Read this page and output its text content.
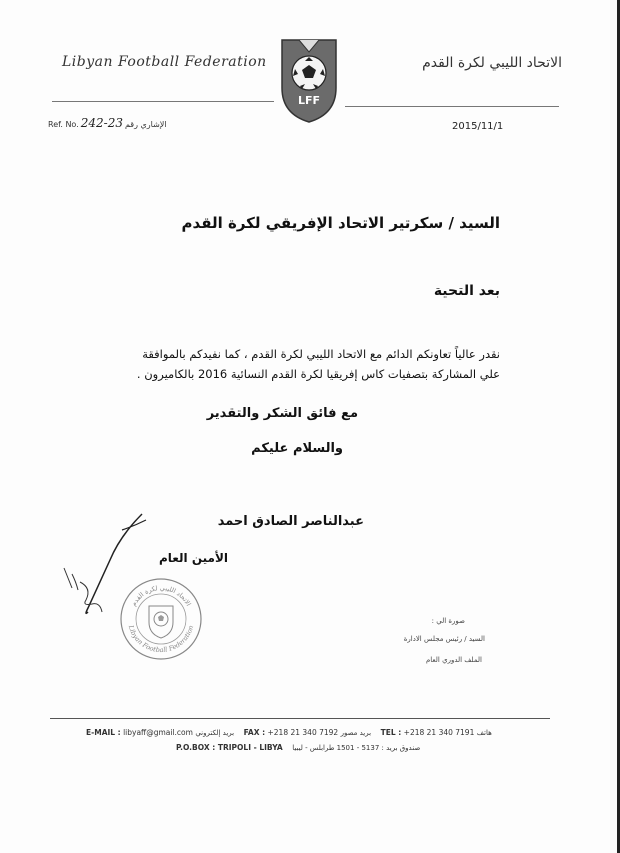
Libyan Football Federation	الاتحاد الليبي لكرة القدم
LFF
Ref. No. 242-23 الإشاري رقم	2015/11/1
السيد / سكرتير الاتحاد الإفريقي لكرة القدم
بعد التحية
نقدر عالياً تعاونكم الدائم مع الاتحاد الليبي لكرة القدم ، كما نفيدكم بالموافقة
علي المشاركة بتصفيات كاس إفريقيا لكرة القدم النسائية 2016 بالكاميرون .
مع فائق الشكر والتقدير
والسلام عليكم
عبدالناصر الصادق احمد
الأمين العام
الاتحاد الليبي لكرة القدم
Libyan Football Federation
صورة الي :
السيد / رئيس مجلس الادارة
الملف الدوري العام
E-MAIL : libyaff@gmail.com بريد إلكتروني FAX : +218 21 340 7192 بريد مصور TEL : +218 21 340 7191 هاتف
P.O.BOX : TRIPOLI - LIBYA صندوق بريد : 5137 - 1501 طرابلس - ليبيا
